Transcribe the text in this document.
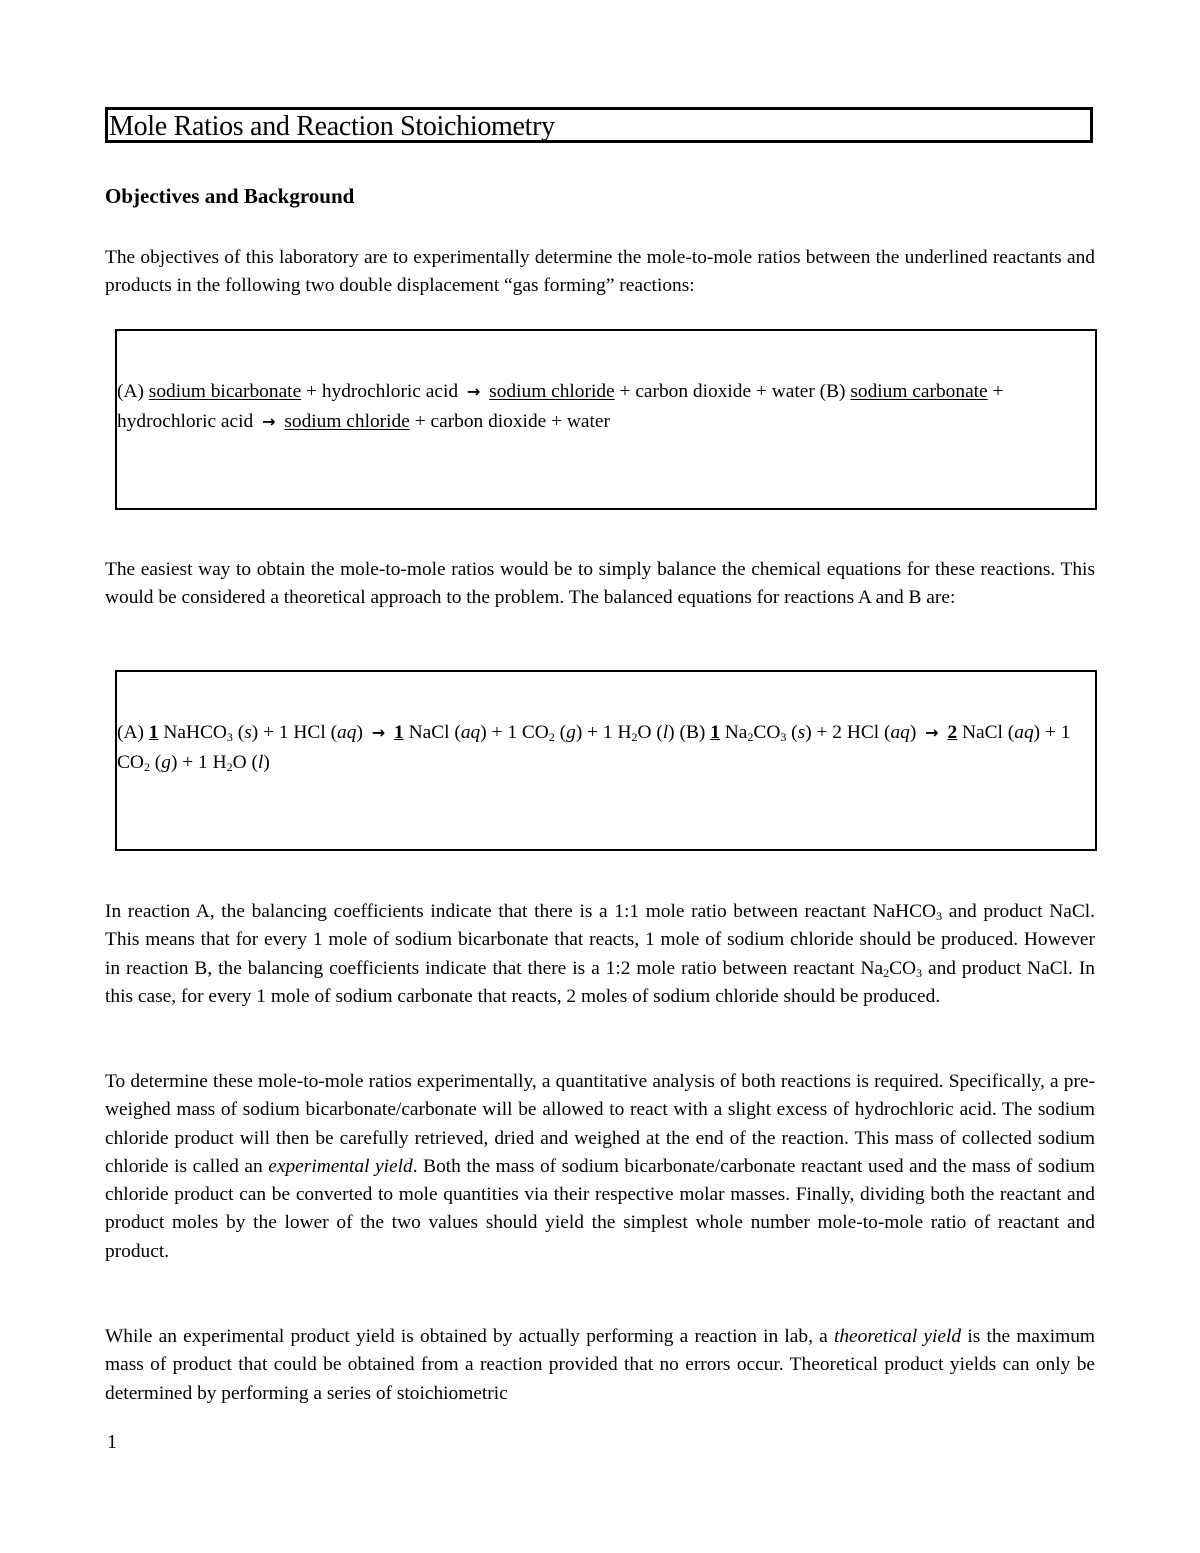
Mole Ratios and Reaction Stoichiometry
Objectives and Background

The objectives of this laboratory are to experimentally determine the mole-to-mole ratios between the underlined reactants and products in the following two double displacement “gas forming” reactions:

(A) sodium bicarbonate + hydrochloric acid → sodium chloride + carbon dioxide + water (B) sodium carbonate + hydrochloric acid → sodium chloride + carbon dioxide + water

The easiest way to obtain the mole-to-mole ratios would be to simply balance the chemical equations for these reactions. This would be considered a theoretical approach to the problem. The balanced equations for reactions A and B are:

(A) 1 NaHCO$_3$ (s) + 1 HCl (aq) → 1 NaCl (aq) + 1 $CO_2$ (g) + 1 $H_2O$ (l) (B) 1 $Na_2CO_3$ (s) + 2 HCl (aq) → 2 NaCl (aq) + 1 $CO_2$ (g) + 1 $H_2O$ (l)

In reaction A, the balancing coefficients indicate that there is a 1:1 mole ratio between reactant NaHCO$_3$ and product NaCl. This means that for every 1 mole of sodium bicarbonate that reacts, 1 mole of sodium chloride should be produced. However in reaction B, the balancing coefficients indicate that there is a 1:2 mole ratio between reactant $Na_2CO_3$ and product NaCl. In this case, for every 1 mole of sodium carbonate that reacts, 2 moles of sodium chloride should be produced.

To determine these mole-to-mole ratios experimentally, a quantitative analysis of both reactions is required. Specifically, a pre-weighed mass of sodium bicarbonate/carbonate will be allowed to react with a slight excess of hydrochloric acid. The sodium chloride product will then be carefully retrieved, dried and weighed at the end of the reaction. This mass of collected sodium chloride is called an experimental yield. Both the mass of sodium bicarbonate/carbonate reactant used and the mass of sodium chloride product can be converted to mole quantities via their respective molar masses. Finally, dividing both the reactant and product moles by the lower of the two values should yield the simplest whole number mole-to-mole ratio of reactant and product.

While an experimental product yield is obtained by actually performing a reaction in lab, a theoretical yield is the maximum mass of product that could be obtained from a reaction provided that no errors occur. Theoretical product yields can only be determined by performing a series of stoichiometric

1
